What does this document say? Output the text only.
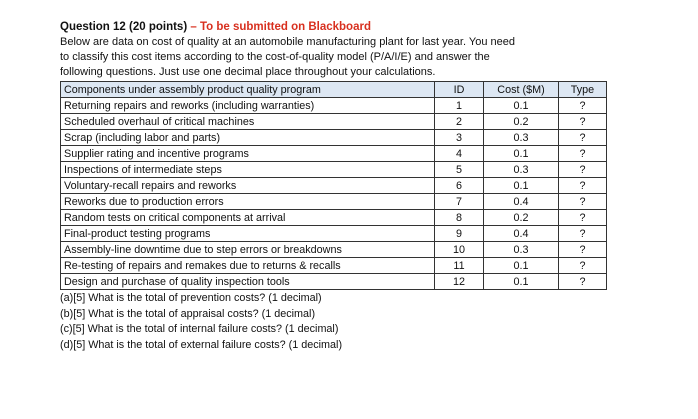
Question 12 (20 points) – To be submitted on Blackboard
Below are data on cost of quality at an automobile manufacturing plant for last year. You need
to classify this cost items according to the cost-of-quality model (P/A/I/E) and answer the
following questions. Just use one decimal place throughout your calculations.
Components under assembly product quality program	ID	Cost ($M)	Type
Returning repairs and reworks (including warranties)	1	0.1	?
Scheduled overhaul of critical machines	2	0.2	?
Scrap (including labor and parts)	3	0.3	?
Supplier rating and incentive programs	4	0.1	?
Inspections of intermediate steps	5	0.3	?
Voluntary-recall repairs and reworks	6	0.1	?
Reworks due to production errors	7	0.4	?
Random tests on critical components at arrival	8	0.2	?
Final-product testing programs	9	0.4	?
Assembly-line downtime due to step errors or breakdowns	10	0.3	?
Re-testing of repairs and remakes due to returns & recalls	11	0.1	?
Design and purchase of quality inspection tools	12	0.1	?
(a)[5] What is the total of prevention costs? (1 decimal)
(b)[5] What is the total of appraisal costs? (1 decimal)
(c)[5] What is the total of internal failure costs? (1 decimal)
(d)[5] What is the total of external failure costs? (1 decimal)
